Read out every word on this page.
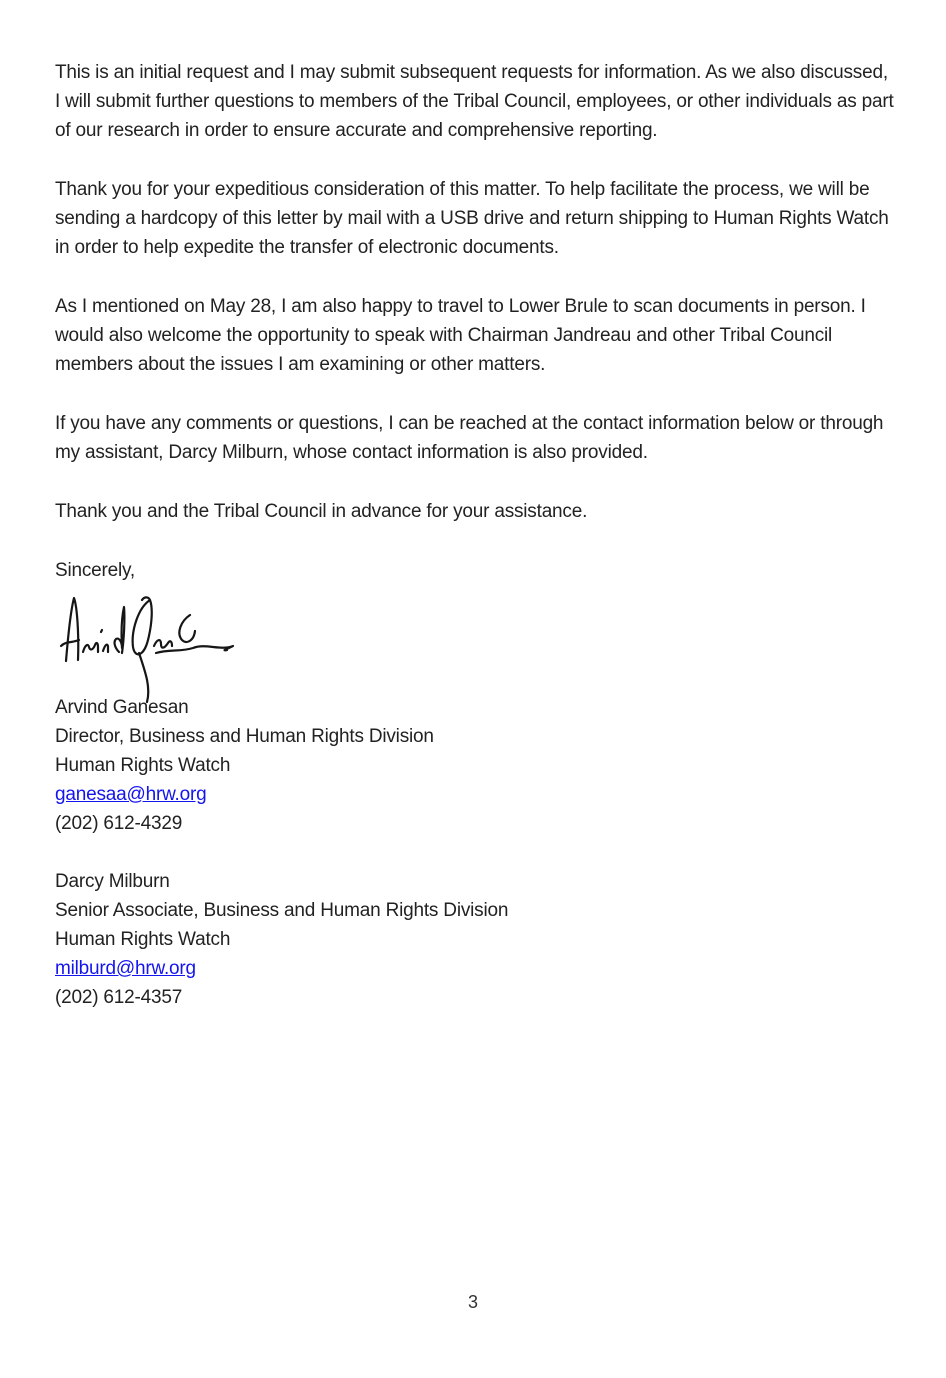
This is an initial request and I may submit subsequent requests for information. As we also discussed, I will submit further questions to members of the Tribal Council, employees, or other individuals as part of our research in order to ensure accurate and comprehensive reporting.

Thank you for your expeditious consideration of this matter. To help facilitate the process, we will be sending a hardcopy of this letter by mail with a USB drive and return shipping to Human Rights Watch in order to help expedite the transfer of electronic documents.

As I mentioned on May 28, I am also happy to travel to Lower Brule to scan documents in person. I would also welcome the opportunity to speak with Chairman Jandreau and other Tribal Council members about the issues I am examining or other matters.

If you have any comments or questions, I can be reached at the contact information below or through my assistant, Darcy Milburn, whose contact information is also provided.

Thank you and the Tribal Council in advance for your assistance.

Sincerely,

Arvind Ganesan
Director, Business and Human Rights Division
Human Rights Watch
ganesaa@hrw.org
(202) 612-4329
Darcy Milburn
Senior Associate, Business and Human Rights Division
Human Rights Watch
milburd@hrw.org
(202) 612-4357
3
